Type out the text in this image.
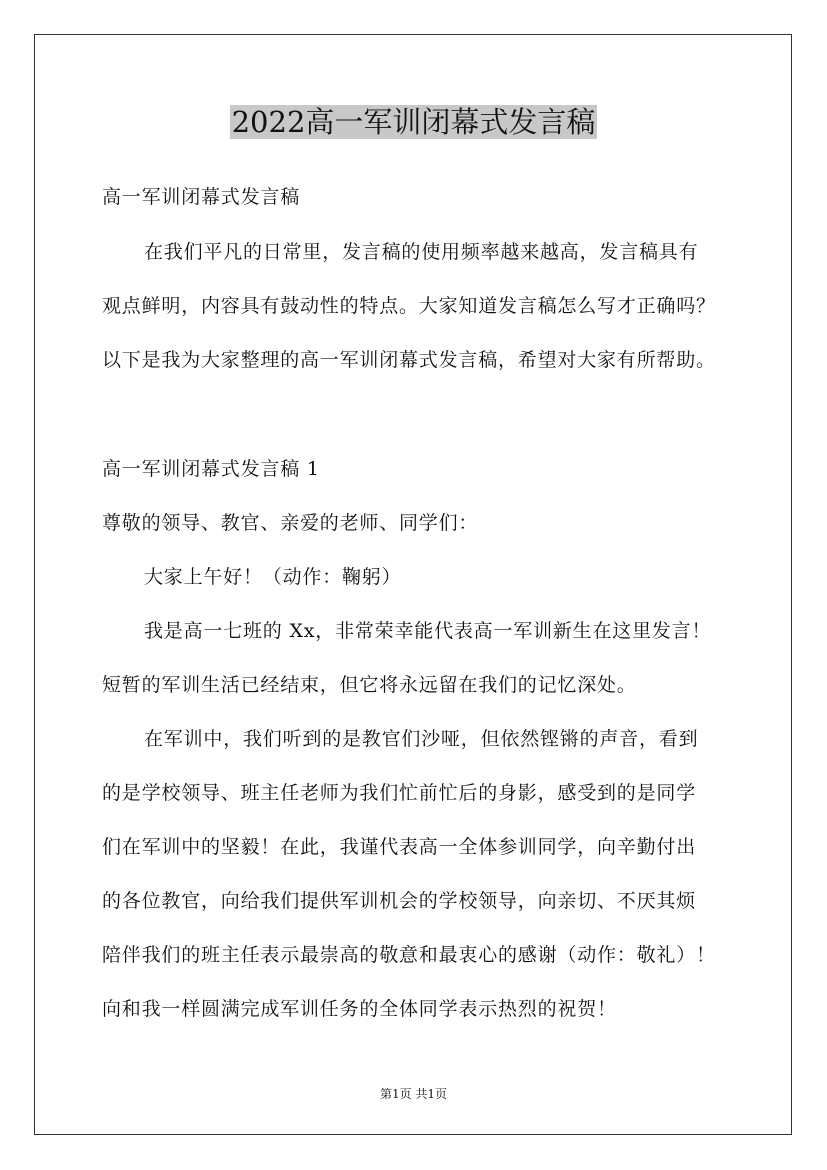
2022高一军训闭幕式发言稿
高一军训闭幕式发言稿
在我们平凡的日常里，发言稿的使用频率越来越高，发言稿具有
观点鲜明，内容具有鼓动性的特点。大家知道发言稿怎么写才正确吗？
以下是我为大家整理的高一军训闭幕式发言稿，希望对大家有所帮助。
高一军训闭幕式发言稿 1
尊敬的领导、教官、亲爱的老师、同学们：
大家上午好！（动作：鞠躬）
我是高一七班的 Xx，非常荣幸能代表高一军训新生在这里发言！
短暂的军训生活已经结束，但它将永远留在我们的记忆深处。
在军训中，我们听到的是教官们沙哑，但依然铿锵的声音，看到
的是学校领导、班主任老师为我们忙前忙后的身影，感受到的是同学
们在军训中的坚毅！在此，我谨代表高一全体参训同学，向辛勤付出
的各位教官，向给我们提供军训机会的学校领导，向亲切、不厌其烦
陪伴我们的班主任表示最崇高的敬意和最衷心的感谢（动作：敬礼）！
向和我一样圆满完成军训任务的全体同学表示热烈的祝贺！
第1页 共1页
